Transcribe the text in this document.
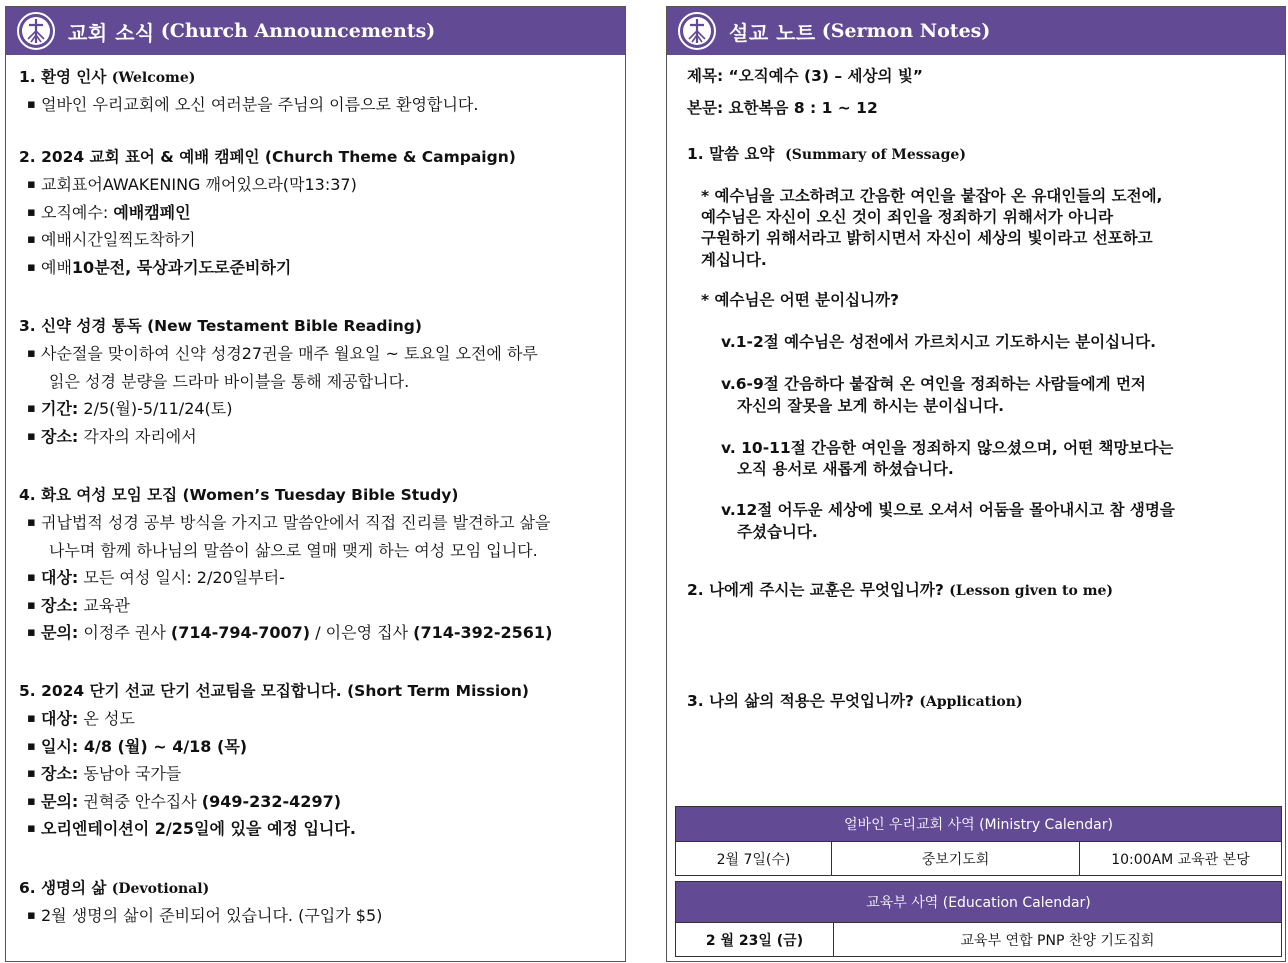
교회 소식 (Church Announcements)
1. 환영 인사 (Welcome)
▪ 얼바인 우리교회에 오신 여러분을 주님의 이름으로 환영합니다.
2. 2024 교회 표어 & 예배 캠페인 (Church Theme & Campaign)
▪ 교회표어AWAKENING 깨어있으라(막13:37)
▪ 오직예수: 예배캠페인
▪ 예배시간일찍도착하기
▪ 예배10분전, 묵상과기도로준비하기
3. 신약 성경 통독 (New Testament Bible Reading)
▪ 사순절을 맞이하여 신약 성경27권을 매주 월요일 ~ 토요일 오전에 하루
읽은 성경 분량을 드라마 바이블을 통해 제공합니다.
▪ 기간: 2/5(월)-5/11/24(토)
▪ 장소: 각자의 자리에서
4. 화요 여성 모임 모집 (Women’s Tuesday Bible Study)
▪ 귀납법적 성경 공부 방식을 가지고 말씀안에서 직접 진리를 발견하고 삶을
나누며 함께 하나님의 말씀이 삶으로 열매 맺게 하는 여성 모임 입니다.
▪ 대상: 모든 여성 일시: 2/20일부터-
▪ 장소: 교육관
▪ 문의: 이정주 권사 (714-794-7007) / 이은영 집사 (714-392-2561)
5. 2024 단기 선교 단기 선교팀을 모집합니다. (Short Term Mission)
▪ 대상: 온 성도
▪ 일시: 4/8 (월) ~ 4/18 (목)
▪ 장소: 동남아 국가들
▪ 문의: 권혁중 안수집사 (949-232-4297)
▪ 오리엔테이션이 2/25일에 있을 예정 입니다.
6. 생명의 삶 (Devotional)
▪ 2월 생명의 삶이 준비되어 있습니다. (구입가 $5)
설교 노트 (Sermon Notes)
제목: “오직예수 (3) – 세상의 빛”
본문: 요한복음 8 : 1 ~ 12
1. 말씀 요약 (Summary of Message)
* 예수님을 고소하려고 간음한 여인을 붙잡아 온 유대인들의 도전에,
예수님은 자신이 오신 것이 죄인을 정죄하기 위해서가 아니라
구원하기 위해서라고 밝히시면서 자신이 세상의 빛이라고 선포하고
계십니다.
* 예수님은 어떤 분이십니까?
v.1-2절 예수님은 성전에서 가르치시고 기도하시는 분이십니다.
v.6-9절 간음하다 붙잡혀 온 여인을 정죄하는 사람들에게 먼저
자신의 잘못을 보게 하시는 분이십니다.
v. 10-11절 간음한 여인을 정죄하지 않으셨으며, 어떤 책망보다는
오직 용서로 새롭게 하셨습니다.
v.12절 어두운 세상에 빛으로 오셔서 어둠을 몰아내시고 참 생명을
주셨습니다.
2. 나에게 주시는 교훈은 무엇입니까? (Lesson given to me)
3. 나의 삶의 적용은 무엇입니까? (Application)
얼바인 우리교회 사역 (Ministry Calendar)
2월 7일(수)	중보기도회	10:00AM 교육관 본당
교육부 사역 (Education Calendar)
2 월 23일 (금)	교육부 연합 PNP 찬양 기도집회
